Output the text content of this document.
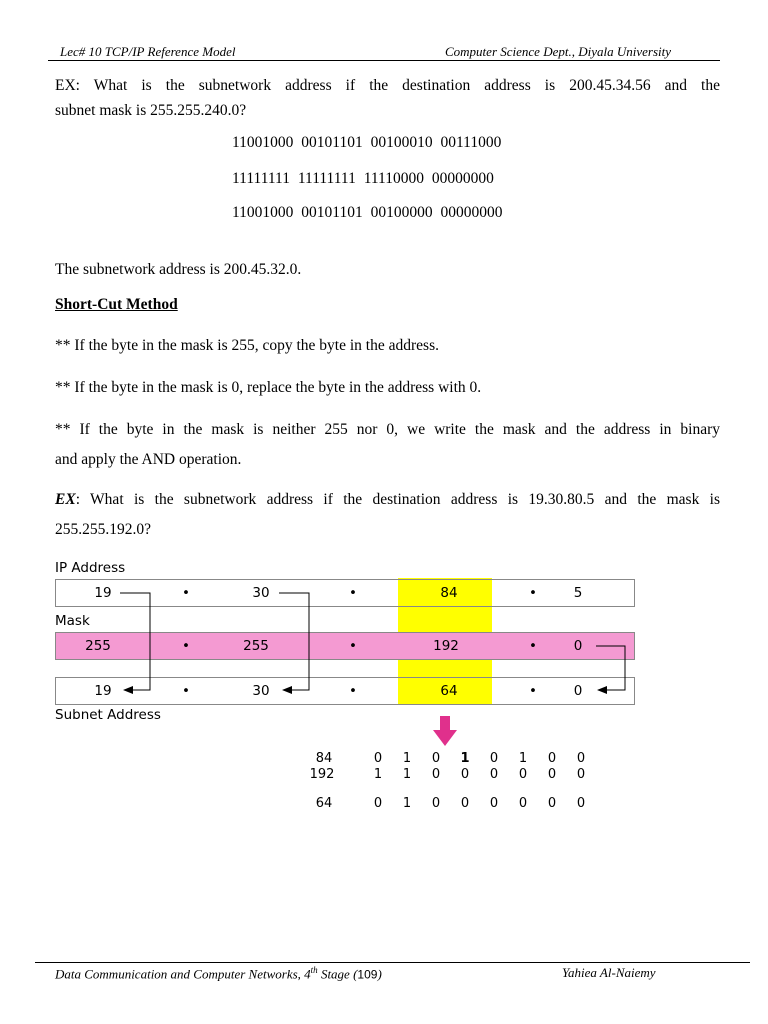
Lec# 10 TCP/IP Reference Model	Computer Science Dept., Diyala University
EX: What is the subnetwork address if the destination address is 200.45.34.56 and the
subnet mask is 255.255.240.0?
11001000 00101101 00100010 00111000
11111111 11111111 11110000 00000000
11001000 00101101 00100000 00000000
The subnetwork address is 200.45.32.0.
Short-Cut Method
** If the byte in the mask is 255, copy the byte in the address.
** If the byte in the mask is 0, replace the byte in the address with 0.
** If the byte in the mask is neither 255 nor 0, we write the mask and the address in binary
and apply the AND operation.
EX: What is the subnetwork address if the destination address is 19.30.80.5 and the mask is
255.255.192.0?
IP Address
19	•	30	•	84	•	5
Mask
255	•	255	•	192	•	0
19	•	30	•	64	•	0
Subnet Address
84	0	1	0	1	0	1	0	0
192	1	1	0	0	0	0	0	0
64	0	1	0	0	0	0	0	0
Data Communication and Computer Networks, 4th Stage (109)	Yahiea Al-Naiemy
